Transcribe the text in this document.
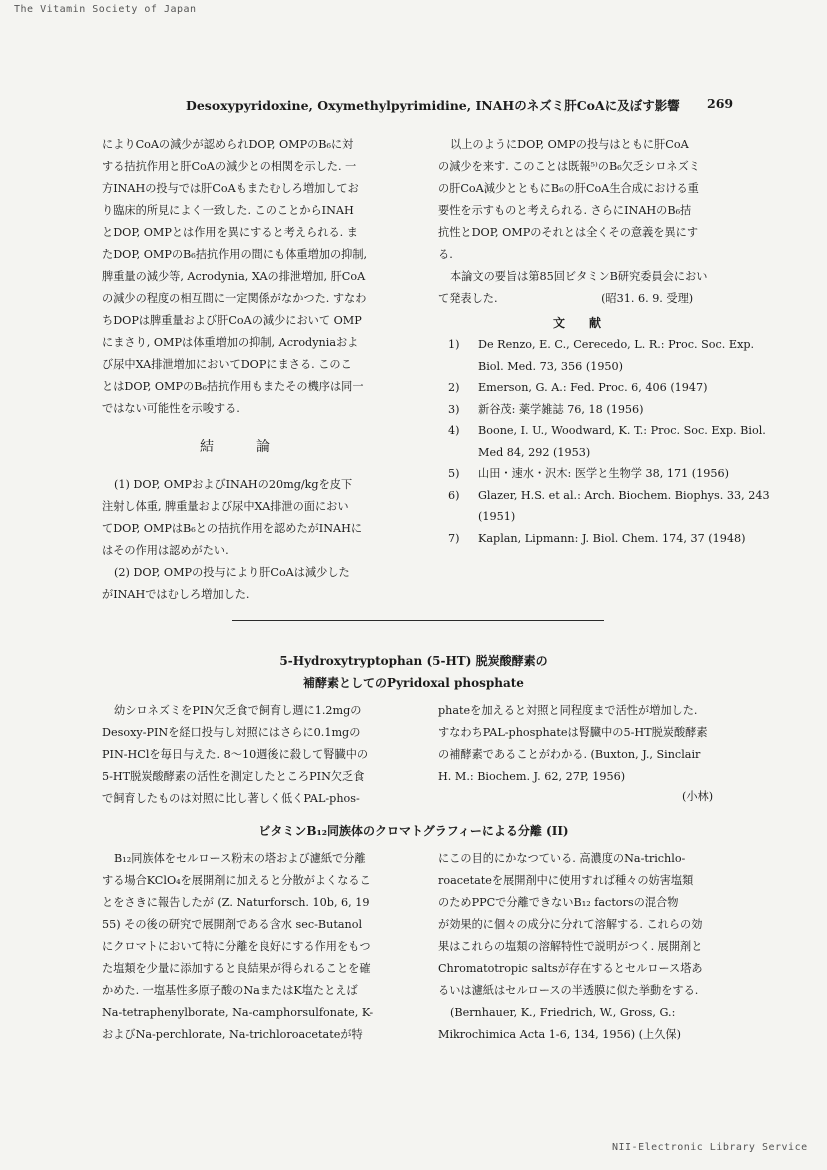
The Vitamin Society of Japan
Desoxypyridoxine, Oxymethylpyrimidine, INAHのネズミ肝CoAに及ぼす影響 269

によりCoAの減少が認められDOP, OMPのB₆に対

する拮抗作用と肝CoAの減少との相関を示した. 一

方INAHの投与では肝CoAもまたむしろ増加してお

り臨床的所見によく一致した. このことからINAH

とDOP, OMPとは作用を異にすると考えられる. ま

たDOP, OMPのB₆拮抗作用の間にも体重増加の抑制,

脾重量の減少等, Acrodynia, XAの排泄増加, 肝CoA

の減少の程度の相互間に一定関係がなかつた. すなわ

ちDOPは脾重量および肝CoAの減少において OMP

にまさり, OMPは体重増加の抑制, Acrodyniaおよ

び尿中XA排泄増加においてDOPにまさる. このこ

とはDOP, OMPのB₆拮抗作用もまたその機序は同一

ではない可能性を示唆する.

結　　　論

(1) DOP, OMPおよびINAHの20mg/kgを皮下

注射し体重, 脾重量および尿中XA排泄の面におい

てDOP, OMPはB₆との拮抗作用を認めたがINAHに

はその作用は認めがたい.

(2) DOP, OMPの投与により肝CoAは減少した

がINAHではむしろ増加した.

以上のようにDOP, OMPの投与はともに肝CoA

の減少を来す. このことは既報⁵⁾のB₆欠乏シロネズミ

の肝CoA減少とともにB₆の肝CoA生合成における重

要性を示すものと考えられる. さらにINAHのB₆拮

抗性とDOP, OMPのそれとは全くその意義を異にす

る.

本論文の要旨は第85回ビタミンB研究委員会におい

て発表した.	(昭31. 6. 9. 受理)

文　　献
1)	De Renzo, E. C., Cerecedo, L. R.: Proc. Soc. Exp. Biol. Med. 73, 356 (1950)
2)	Emerson, G. A.: Fed. Proc. 6, 406 (1947)
3)	新谷茂: 薬学雑誌 76, 18 (1956)
4)	Boone, I. U., Woodward, K. T.: Proc. Soc. Exp. Biol. Med 84, 292 (1953)
5)	山田・速水・沢木: 医学と生物学 38, 171 (1956)
6)	Glazer, H.S. et al.: Arch. Biochem. Biophys. 33, 243 (1951)
7)	Kaplan, Lipmann: J. Biol. Chem. 174, 37 (1948)
5-Hydroxytryptophan (5-HT) 脱炭酸酵素の
補酵素としてのPyridoxal phosphate

幼シロネズミをPIN欠乏食で飼育し週に1.2mgの

Desoxy-PINを経口投与し対照にはさらに0.1mgの

PIN-HClを毎日与えた. 8〜10週後に殺して腎臓中の

5-HT脱炭酸酵素の活性を測定したところPIN欠乏食

で飼育したものは対照に比し著しく低くPAL-phos-

phateを加えると対照と同程度まで活性が増加した.

すなわちPAL-phosphateは腎臓中の5-HT脱炭酸酵素

の補酵素であることがわかる. (Buxton, J., Sinclair

H. M.: Biochem. J. 62, 27P, 1956)

(小林)
ビタミンB₁₂同族体のクロマトグラフィーによる分離 (II)

B₁₂同族体をセルロース粉末の塔および濾紙で分離

する場合KClO₄を展開剤に加えると分散がよくなるこ

とをさきに報告したが (Z. Naturforsch. 10b, 6, 19

55) その後の研究で展開剤である含水 sec-Butanol

にクロマトにおいて特に分離を良好にする作用をもつ

た塩類を少量に添加すると良結果が得られることを確

かめた. 一塩基性多原子酸のNaまたはK塩たとえば

Na-tetraphenylborate, Na-camphorsulfonate, K-

およびNa-perchlorate, Na-trichloroacetateが特

にこの目的にかなつている. 高濃度のNa-trichlo-

roacetateを展開剤中に使用すれば種々の妨害塩類

のためPPCで分離できないB₁₂ factorsの混合物

が効果的に個々の成分に分れて溶解する. これらの効

果はこれらの塩類の溶解特性で説明がつく. 展開剤と

Chromatotropic saltsが存在するとセルロース塔あ

るいは濾紙はセルロースの半透膜に似た挙動をする.

(Bernhauer, K., Friedrich, W., Gross, G.:

Mikrochimica Acta 1-6, 134, 1956) (上久保)

NII-Electronic Library Service
